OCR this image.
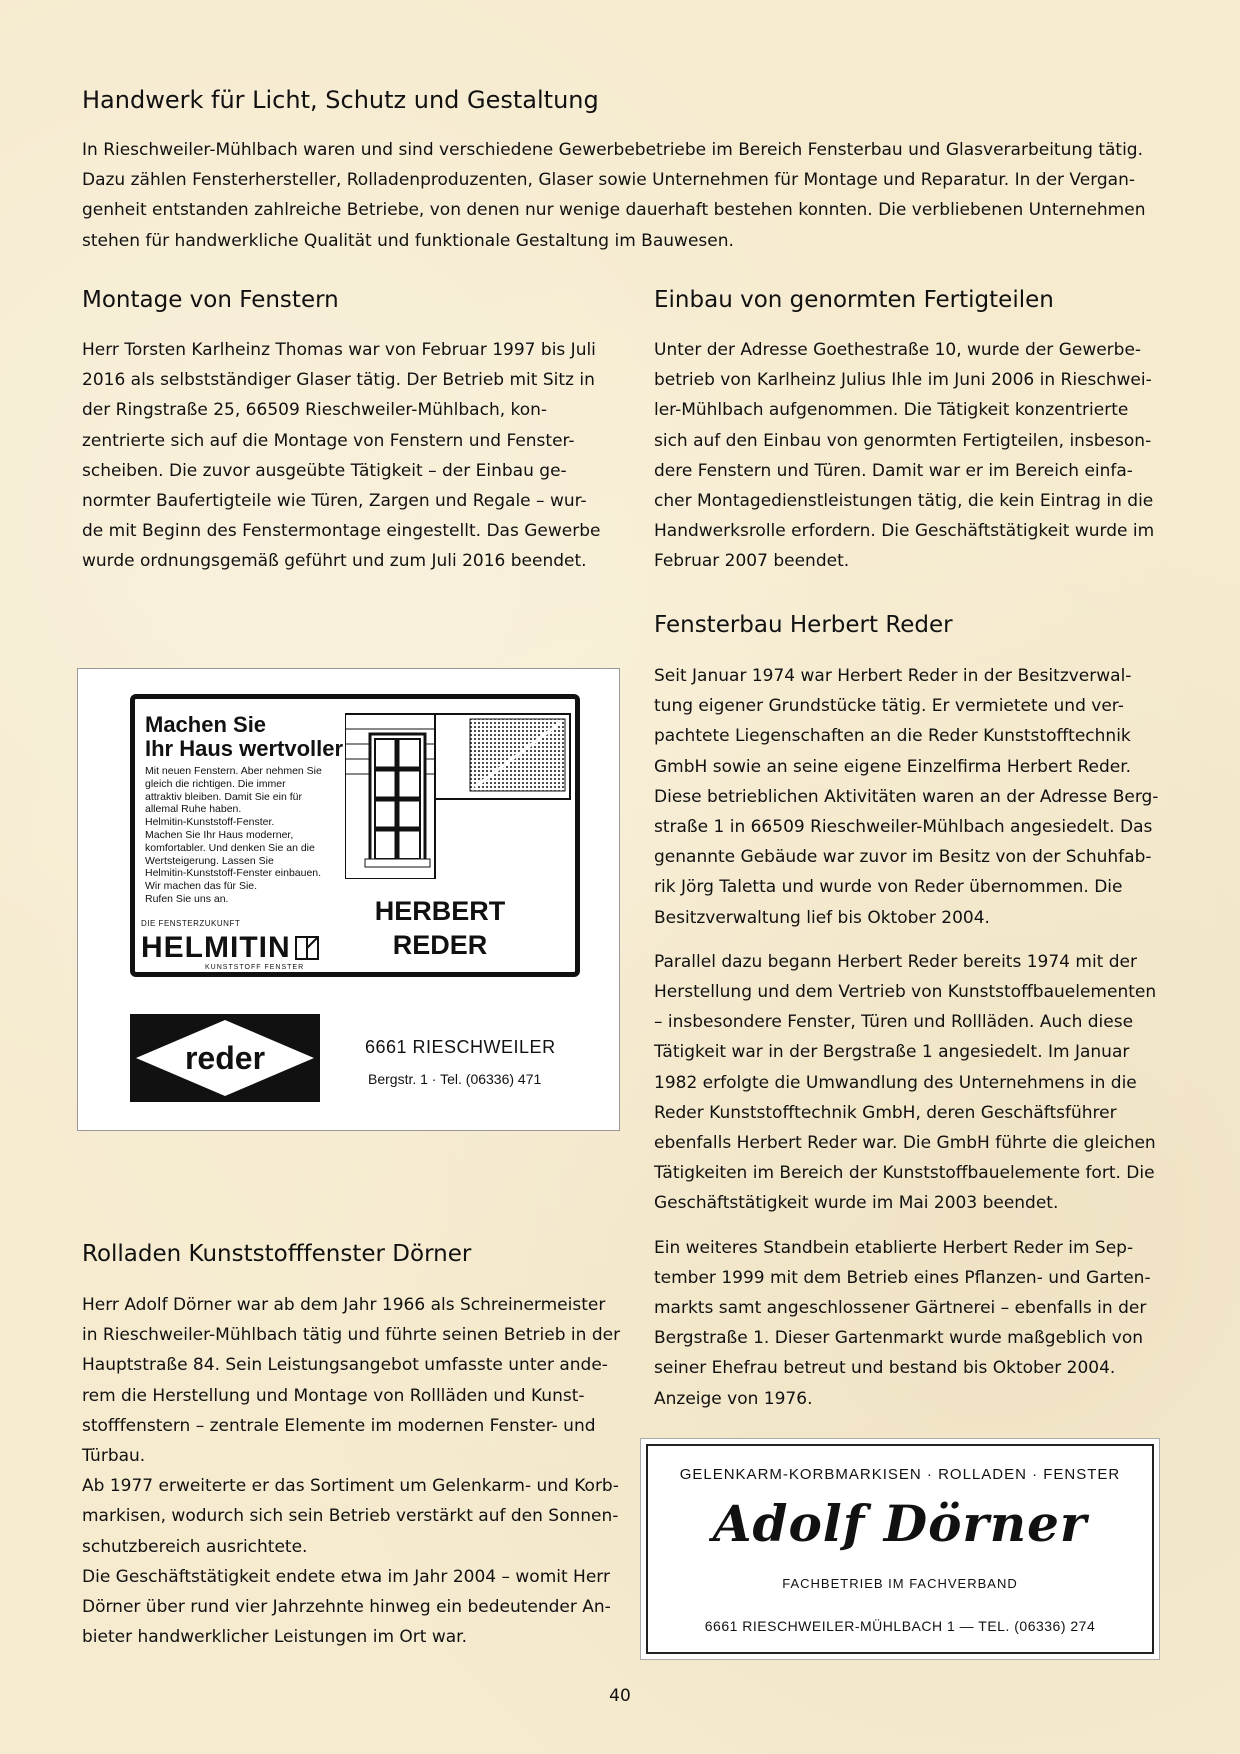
Handwerk für Licht, Schutz und Gestaltung
In Rieschweiler-Mühlbach waren und sind verschiedene Gewerbebetriebe im Bereich Fensterbau und Glasverarbeitung tätig.
Dazu zählen Fensterhersteller, Rolladenproduzenten, Glaser sowie Unternehmen für Montage und Reparatur. In der Vergan-
genheit entstanden zahlreiche Betriebe, von denen nur wenige dauerhaft bestehen konnten. Die verbliebenen Unternehmen
stehen für handwerkliche Qualität und funktionale Gestaltung im Bauwesen.
Montage von Fenstern
Herr Torsten Karlheinz Thomas war von Februar 1997 bis Juli
2016 als selbstständiger Glaser tätig. Der Betrieb mit Sitz in
der Ringstraße 25, 66509 Rieschweiler-Mühlbach, kon-
zentrierte sich auf die Montage von Fenstern und Fenster-
scheiben. Die zuvor ausgeübte Tätigkeit – der Einbau ge-
normter Baufertigteile wie Türen, Zargen und Regale – wur-
de mit Beginn des Fenstermontage eingestellt. Das Gewerbe
wurde ordnungsgemäß geführt und zum Juli 2016 beendet.
Einbau von genormten Fertigteilen
Unter der Adresse Goethestraße 10, wurde der Gewerbe-
betrieb von Karlheinz Julius Ihle im Juni 2006 in Rieschwei-
ler-Mühlbach aufgenommen. Die Tätigkeit konzentrierte
sich auf den Einbau von genormten Fertigteilen, insbeson-
dere Fenstern und Türen. Damit war er im Bereich einfa-
cher Montagedienstleistungen tätig, die kein Eintrag in die
Handwerksrolle erfordern. Die Geschäftstätigkeit wurde im
Februar 2007 beendet.
Fensterbau Herbert Reder

Seit Januar 1974 war Herbert Reder in der Besitzverwal-
tung eigener Grundstücke tätig. Er vermietete und ver-
pachtete Liegenschaften an die Reder Kunststofftechnik
GmbH sowie an seine eigene Einzelfirma Herbert Reder.
Diese betrieblichen Aktivitäten waren an der Adresse Berg-
straße 1 in 66509 Rieschweiler-Mühlbach angesiedelt. Das
genannte Gebäude war zuvor im Besitz von der Schuhfab-
rik Jörg Taletta und wurde von Reder übernommen. Die
Besitzverwaltung lief bis Oktober 2004.

Parallel dazu begann Herbert Reder bereits 1974 mit der
Herstellung und dem Vertrieb von Kunststoffbauelementen
– insbesondere Fenster, Türen und Rollläden. Auch diese
Tätigkeit war in der Bergstraße 1 angesiedelt. Im Januar
1982 erfolgte die Umwandlung des Unternehmens in die
Reder Kunststofftechnik GmbH, deren Geschäftsführer
ebenfalls Herbert Reder war. Die GmbH führte die gleichen
Tätigkeiten im Bereich der Kunststoffbauelemente fort. Die
Geschäftstätigkeit wurde im Mai 2003 beendet.

Ein weiteres Standbein etablierte Herbert Reder im Sep-
tember 1999 mit dem Betrieb eines Pflanzen- und Garten-
markts samt angeschlossener Gärtnerei – ebenfalls in der
Bergstraße 1. Dieser Gartenmarkt wurde maßgeblich von
seiner Ehefrau betreut und bestand bis Oktober 2004.
Anzeige von 1976.

Machen Sie
Ihr Haus wertvoller
Mit neuen Fenstern. Aber nehmen Sie
gleich die richtigen. Die immer
attraktiv bleiben. Damit Sie ein für
allemal Ruhe haben.
Helmitin-Kunststoff-Fenster.
Machen Sie Ihr Haus moderner,
komfortabler. Und denken Sie an die
Wertsteigerung. Lassen Sie
Helmitin-Kunststoff-Fenster einbauen.
Wir machen das für Sie.
Rufen Sie uns an.
DIE FENSTERZUKUNFT
HELMITIN
KUNSTSTOFF FENSTER
HERBERT
REDER
reder	6661 RIESCHWEILER
Bergstr. 1 · Tel. (06336) 471
Rolladen Kunststofffenster Dörner
Herr Adolf Dörner war ab dem Jahr 1966 als Schreinermeister
in Rieschweiler-Mühlbach tätig und führte seinen Betrieb in der
Hauptstraße 84. Sein Leistungsangebot umfasste unter ande-
rem die Herstellung und Montage von Rollläden und Kunst-
stofffenstern – zentrale Elemente im modernen Fenster- und
Türbau.
Ab 1977 erweiterte er das Sortiment um Gelenkarm- und Korb-
markisen, wodurch sich sein Betrieb verstärkt auf den Sonnen-
schutzbereich ausrichtete.
Die Geschäftstätigkeit endete etwa im Jahr 2004 – womit Herr
Dörner über rund vier Jahrzehnte hinweg ein bedeutender An-
bieter handwerklicher Leistungen im Ort war.
GELENKARM-KORBMARKISEN · ROLLADEN · FENSTER
Adolf Dörner
FACHBETRIEB IM FACHVERBAND
6661 RIESCHWEILER-MÜHLBACH 1 — TEL. (06336) 274
40
